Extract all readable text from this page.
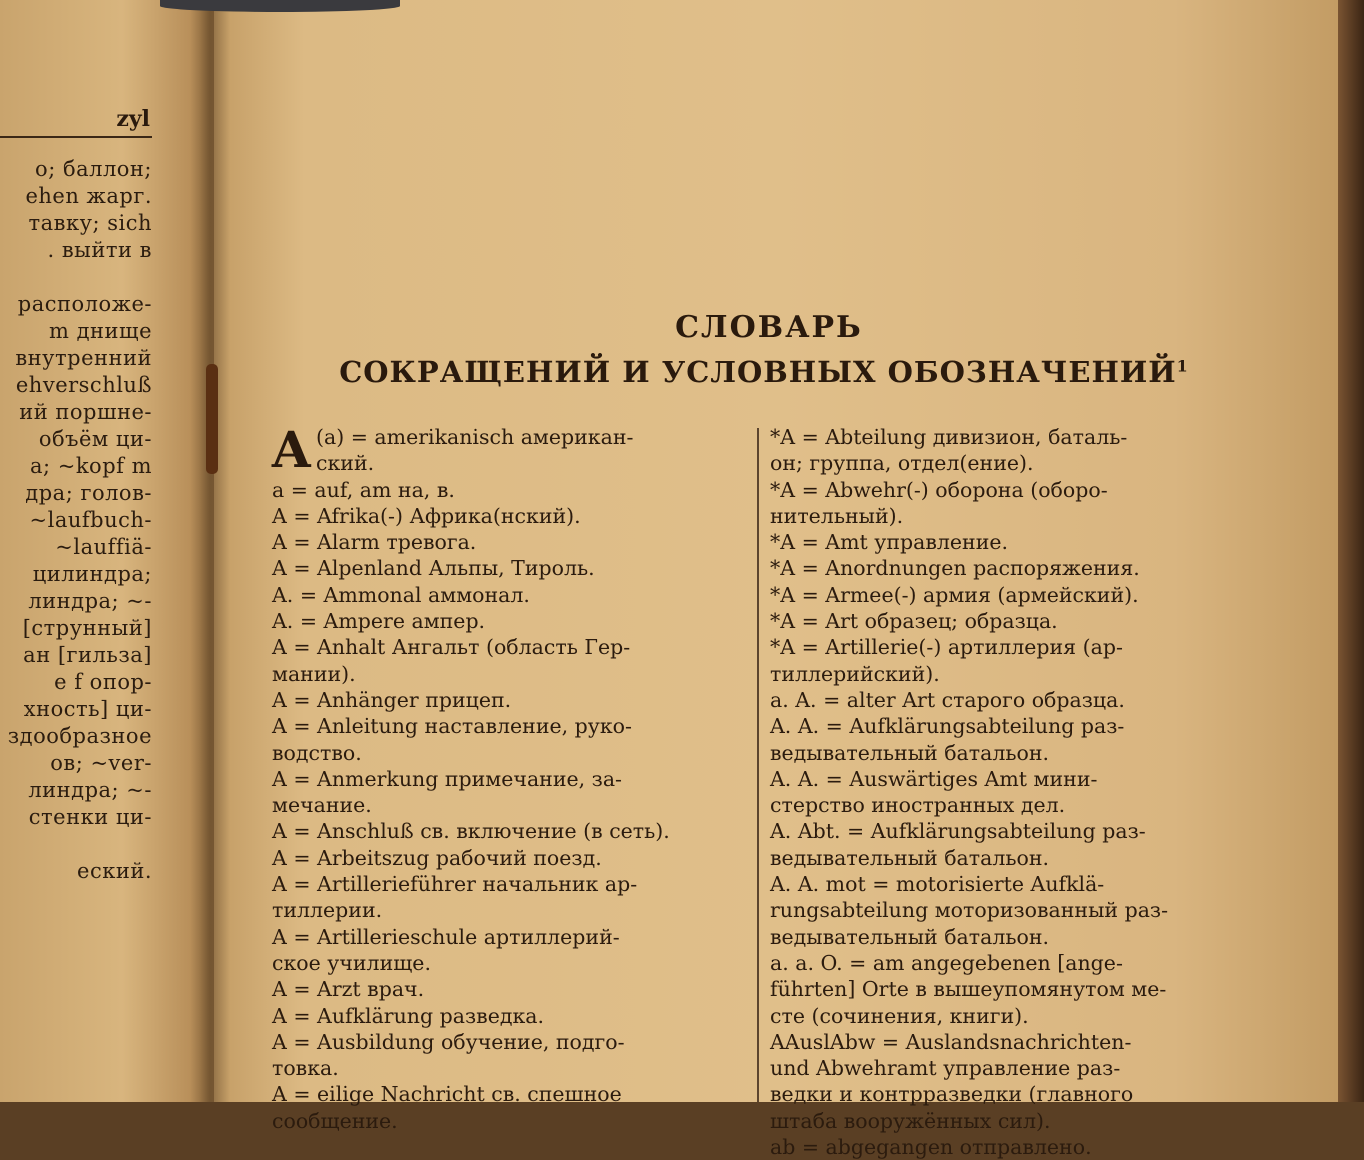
zyl
о; баллон;
ehen жарг.
тавку; sich
. выйти в
расположе-
m днище
внутренний
ehverschluß
ий поршне-
объём ци-
а; ~kopf m
дра; голов-
~laufbuch-
~lauffiä-
цилиндра;
линдра; ~-
[струнный]
ан [гильза]
е f опор-
хность] ци-
здообразное
ов; ~ver-
линдра; ~-
стенки ци-
еский.
СЛОВАРЬ
СОКРАЩЕНИЙ И УСЛОВНЫХ ОБОЗНАЧЕНИЙ$^1$
А (а) = amerikanisch американ-
ский.
a = auf, am на, в.
A = Afrika(-) Африка(нский).
A = Alarm тревога.
A = Alpenland Альпы, Тироль.
A. = Ammonal аммонал.
A. = Ampere ампер.
A = Anhalt Ангальт (область Гер-
мании).
A = Anhänger прицеп.
A = Anleitung наставление, руко-
водство.
A = Anmerkung примечание, за-
мечание.
A = Anschluß св. включение (в сеть).
A = Arbeitszug рабочий поезд.
A = Artillerieführer начальник ар-
тиллерии.
A = Artillerieschule артиллерий-
ское училище.
A = Arzt врач.
A = Aufklärung разведка.
A = Ausbildung обучение, подго-
товка.
A = eilige Nachricht св. спешное
сообщение.
*A = Abteilung дивизион, баталь-
он; группа, отдел(ение).
*A = Abwehr(-) оборона (оборо-
нительный).
*A = Amt управление.
*A = Anordnungen распоряжения.
*A = Armee(-) армия (армейский).
*A = Art образец; образца.
*A = Artillerie(-) артиллерия (ар-
тиллерийский).
a. A. = alter Art старого образца.
A. A. = Aufklärungsabteilung раз-
ведывательный батальон.
A. A. = Auswärtiges Amt мини-
стерство иностранных дел.
A. Abt. = Aufklärungsabteilung раз-
ведывательный батальон.
A. A. mot = motorisierte Aufklä-
rungsabteilung моторизованный раз-
ведывательный батальон.
a. a. O. = am angegebenen [ange-
führten] Orte в вышеупомянутом ме-
сте (сочинения, книги).
AAuslAbw = Auslandsnachrichten-
und Abwehramt управление раз-
ведки и контрразведки (главного
штаба вооружённых сил).
ab = abgegangen отправлено.
